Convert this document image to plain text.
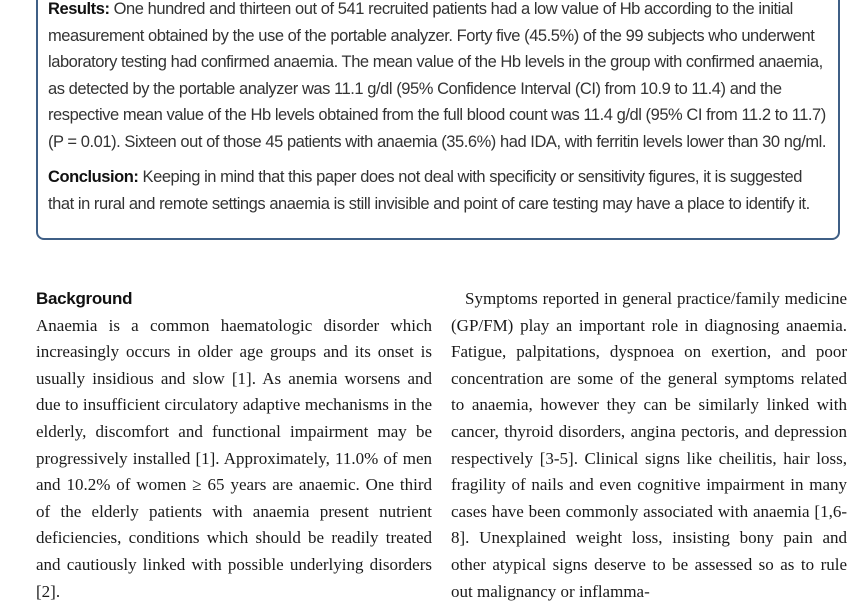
Results: One hundred and thirteen out of 541 recruited patients had a low value of Hb according to the initial measurement obtained by the use of the portable analyzer. Forty five (45.5%) of the 99 subjects who underwent laboratory testing had confirmed anaemia. The mean value of the Hb levels in the group with confirmed anaemia, as detected by the portable analyzer was 11.1 g/dl (95% Confidence Interval (CI) from 10.9 to 11.4) and the respective mean value of the Hb levels obtained from the full blood count was 11.4 g/dl (95% CI from 11.2 to 11.7) (P = 0.01). Sixteen out of those 45 patients with anaemia (35.6%) had IDA, with ferritin levels lower than 30 ng/ml.

Conclusion: Keeping in mind that this paper does not deal with specificity or sensitivity figures, it is suggested that in rural and remote settings anaemia is still invisible and point of care testing may have a place to identify it.

Background

Anaemia is a common haematologic disorder which increasingly occurs in older age groups and its onset is usually insidious and slow [1]. As anemia worsens and due to insufficient circulatory adaptive mechanisms in the elderly, discomfort and functional impairment may be progressively installed [1]. Approximately, 11.0% of men and 10.2% of women ≥ 65 years are anaemic. One third of the elderly patients with anaemia present nutrient deficiencies, conditions which should be readily treated and cautiously linked with possible underlying disorders [2].

Symptoms reported in general practice/family medicine (GP/FM) play an important role in diagnosing anaemia. Fatigue, palpitations, dyspnoea on exertion, and poor concentration are some of the general symptoms related to anaemia, however they can be similarly linked with cancer, thyroid disorders, angina pectoris, and depression respectively [3-5]. Clinical signs like cheilitis, hair loss, fragility of nails and even cognitive impairment in many cases have been commonly associated with anaemia [1,6-8]. Unexplained weight loss, insisting bony pain and other atypical signs deserve to be assessed so as to rule out malignancy or inflamma-
